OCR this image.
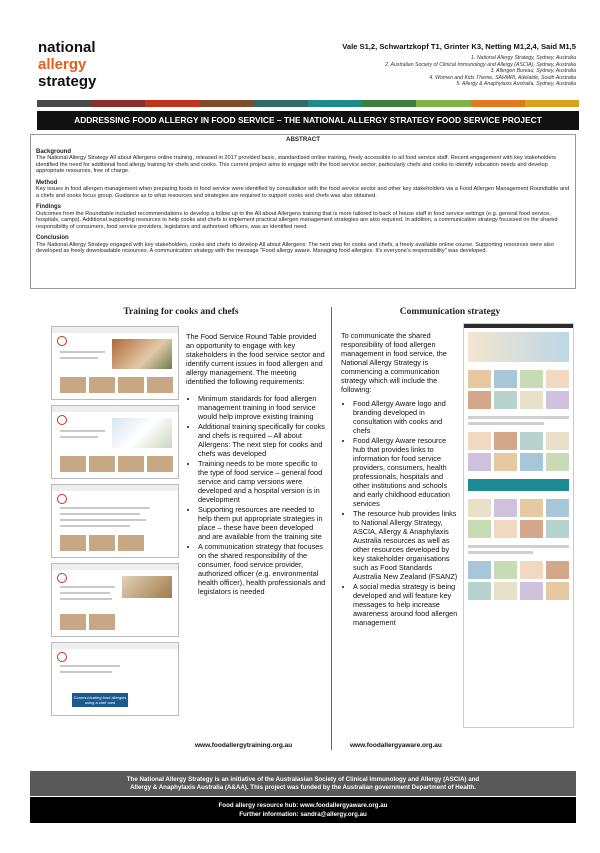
national
allergy
strategy
Vale S1,2, Schwartzkopf T1, Grinter K3, Netting M1,2,4, Said M1,5
1. National Allergy Strategy, Sydney, Australia
2. Australian Society of Clinical Immunology and Allergy (ASCIA), Sydney, Australia
3. Allergen Bureau, Sydney, Australia
4. Women and Kids Theme, SAHMRI, Adelaide, South Australia
5. Allergy & Anaphylaxis Australia, Sydney, Australia
ADDRESSING FOOD ALLERGY IN FOOD SERVICE – THE NATIONAL ALLERGY STRATEGY FOOD SERVICE PROJECT
ABSTRACT
Background
The National Allergy Strategy All about Allergens online training, released in 2017 provided basic, standardised online training, freely accessible to all food service staff. Recent engagement with key stakeholders identified the need for additional food allergy training for chefs and cooks. This current project aims to engage with the food service sector, particularly chefs and cooks to identify education needs and develop appropriate resources, free of charge.
Method
Key issues in food allergen management when preparing foods in food service were identified by consultation with the food service sector and other key stakeholders via a Food Allergen Management Roundtable and a chefs and cooks focus group. Guidance as to what resources and strategies are required to support cooks and chefs was also obtained.
Findings
Outcomes from the Roundtable included recommendations to develop a follow up to the All about Allergens training that is more tailored to back of house staff in food service settings (e.g. general food service, hospitals, camps). Additional supporting resources to help cooks and chefs to implement practical allergen management strategies are also required. In addition, a communication strategy focussed on the shared responsibility of consumers, food service providers, legislators and authorised officers, was an identified need.
Conclusion
The National Allergy Strategy engaged with key stakeholders, cooks and chefs to develop All about Allergens: The next step for cooks and chefs, a freely available online course. Supporting resources were also developed as freely downloadable resources. A communication strategy with the message "Food allergy aware. Managing food allergies. It's everyone's responsibility" was developed.
Training for cooks and chefs
Communicating food allergies using a chef card
The Food Service Round Table provided an opportunity to engage with key stakeholders in the food service sector and identify current issues in food allergen and allergy management. The meeting identified the following requirements:
• Minimum standards for food allergen management training in food service would help improve existing training
• Additional training specifically for cooks and chefs is required – All about Allergens: The next step for cooks and chefs was developed
• Training needs to be more specific to the type of food service – general food service and camp versions were developed and a hospital version is in development
• Supporting resources are needed to help them put appropriate strategies in place – these have been developed and are available from the training site
• A communication strategy that focuses on the shared responsibility of the consumer, food service provider, authorized officer (e.g. environmental health officer), health professionals and legislators is needed
www.foodallergytraining.org.au
Communication strategy
To communicate the shared responsibility of food allergen management in food service, the National Allergy Strategy is commencing a communication strategy which will include the following:
• Food Allergy Aware logo and branding developed in consultation with cooks and chefs
• Food Allergy Aware resource hub that provides links to information for food service providers, consumers, health professionals, hospitals and other institutions and schools and early childhood education services
• The resource hub provides links to National Allergy Strategy, ASCIA, Allergy & Anaphylaxis Australia resources as well as other resources developed by key stakeholder organisations such as Food Standards Australia New Zealand (FSANZ)
• A social media strategy is being developed and will feature key messages to help increase awareness around food allergen management
www.foodallergyaware.org.au
The National Allergy Strategy is an initiative of the Australasian Society of Clinical Immunology and Allergy (ASCIA) and
Allergy & Anaphylaxis Australia (A&AA). This project was funded by the Australian government Department of Health.
Food allergy resource hub: www.foodallergyaware.org.au
Further information: sandra@allergy.org.au
